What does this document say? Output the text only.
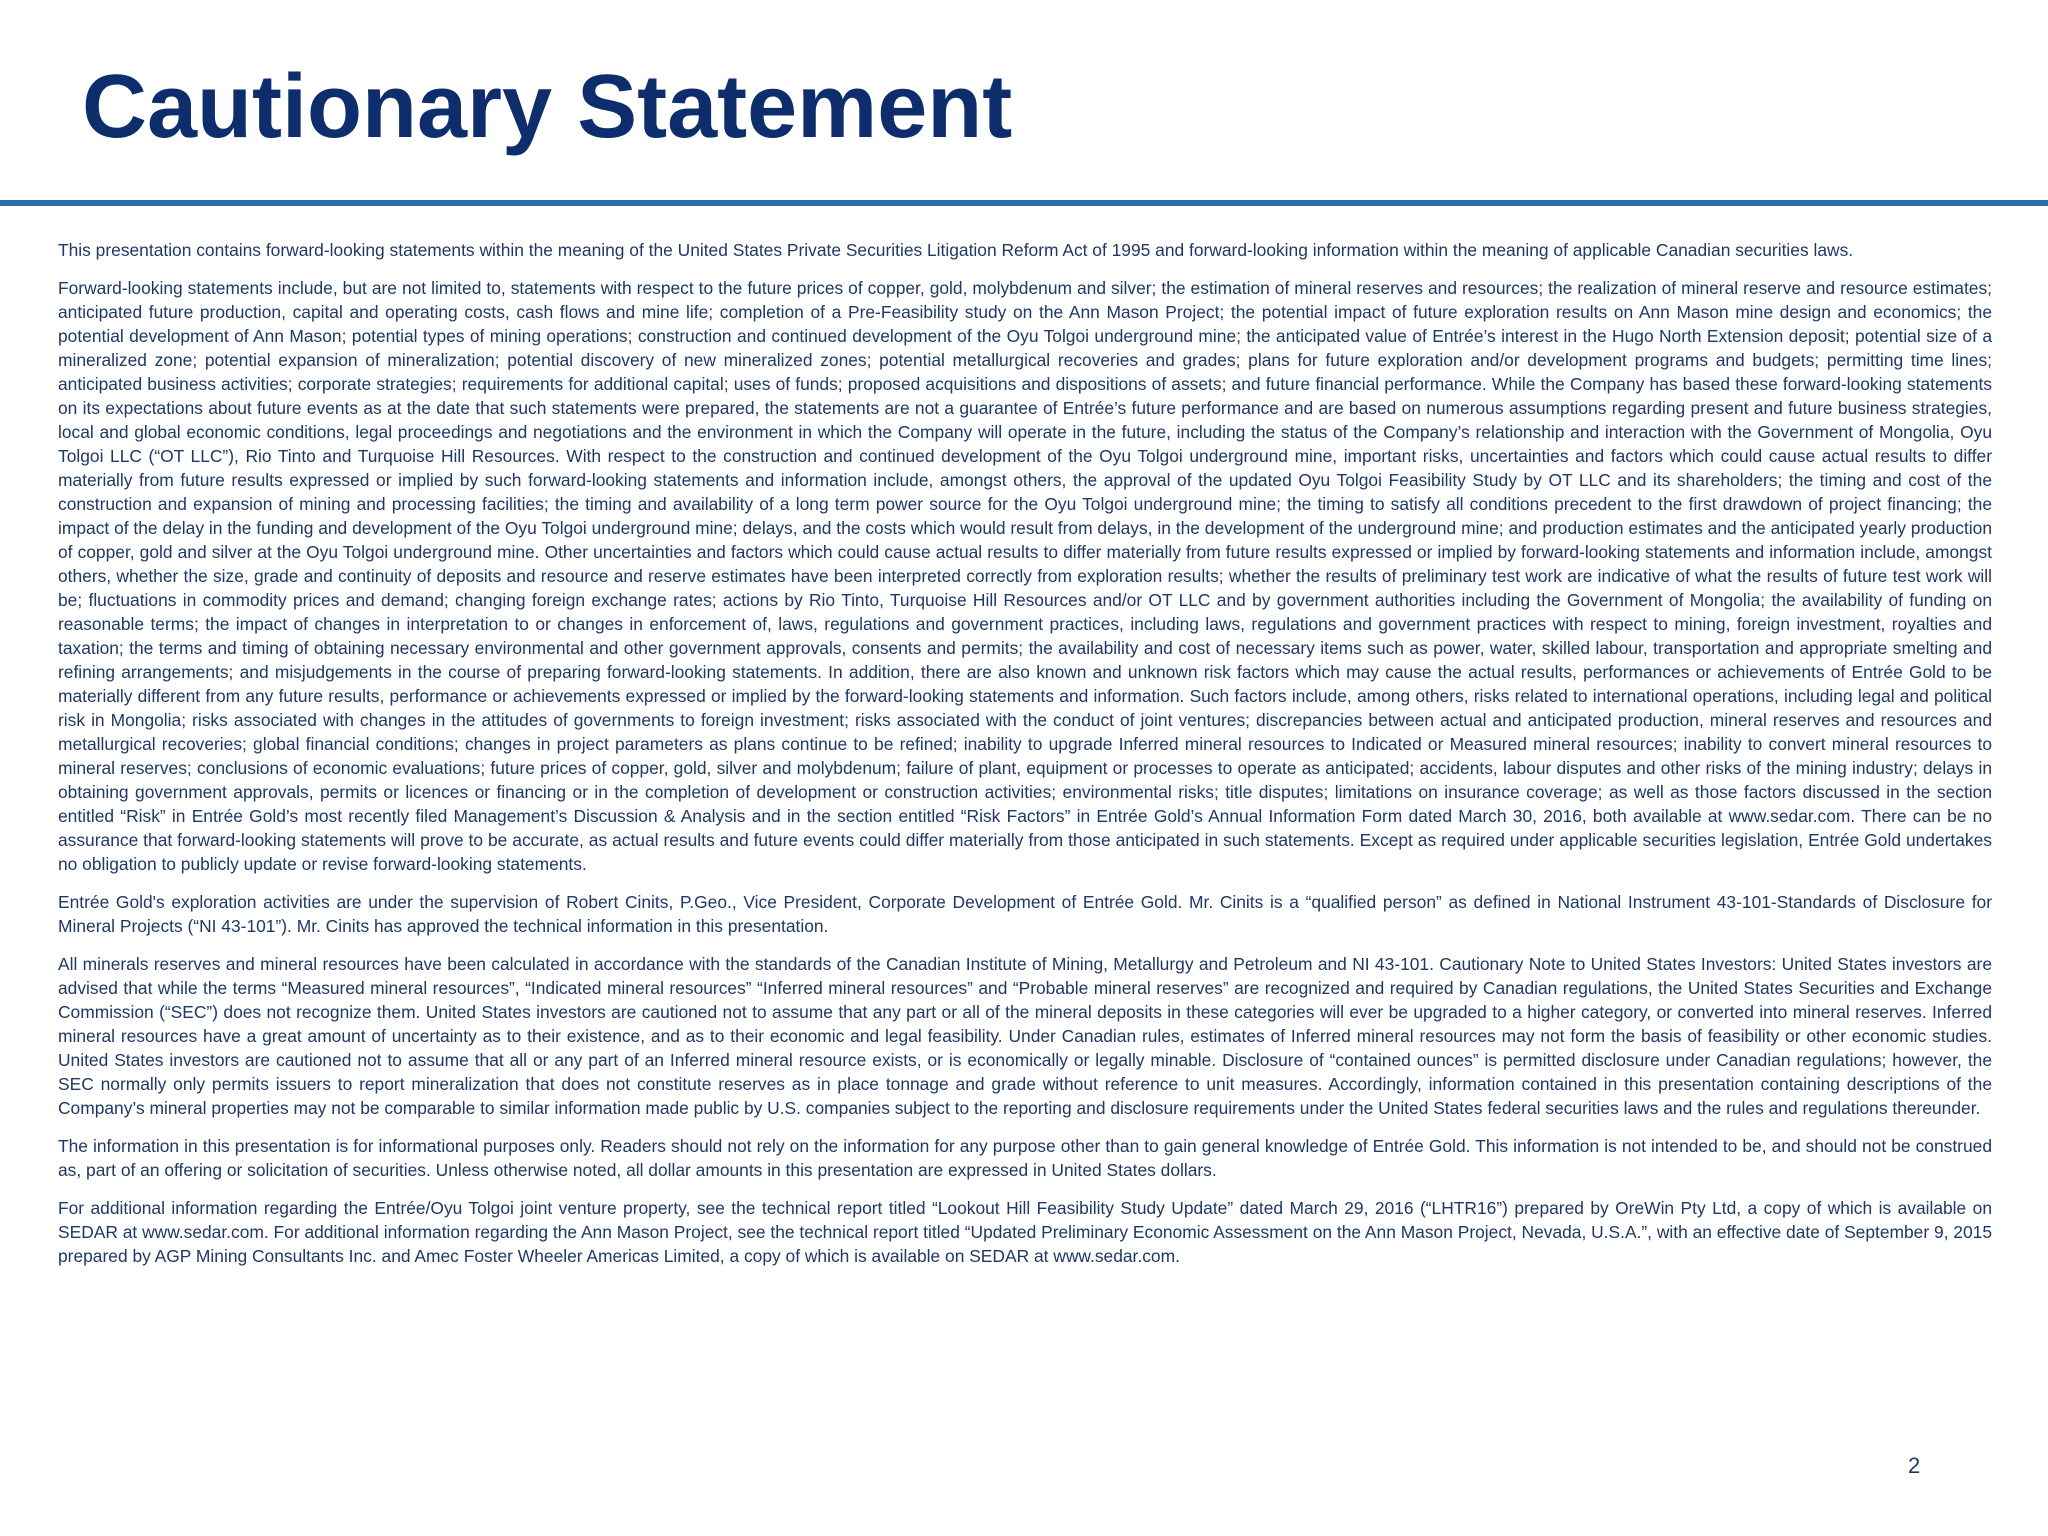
Cautionary Statement

This presentation contains forward-looking statements within the meaning of the United States Private Securities Litigation Reform Act of 1995 and forward-looking information within the meaning of applicable Canadian securities laws.

Forward-looking statements include, but are not limited to, statements with respect to the future prices of copper, gold, molybdenum and silver; the estimation of mineral reserves and resources; the realization of mineral reserve and resource estimates; anticipated future production, capital and operating costs, cash flows and mine life; completion of a Pre-Feasibility study on the Ann Mason Project; the potential impact of future exploration results on Ann Mason mine design and economics; the potential development of Ann Mason; potential types of mining operations; construction and continued development of the Oyu Tolgoi underground mine; the anticipated value of Entrée’s interest in the Hugo North Extension deposit; potential size of a mineralized zone; potential expansion of mineralization; potential discovery of new mineralized zones; potential metallurgical recoveries and grades; plans for future exploration and/or development programs and budgets; permitting time lines; anticipated business activities; corporate strategies; requirements for additional capital; uses of funds; proposed acquisitions and dispositions of assets; and future financial performance. While the Company has based these forward-looking statements on its expectations about future events as at the date that such statements were prepared, the statements are not a guarantee of Entrée’s future performance and are based on numerous assumptions regarding present and future business strategies, local and global economic conditions, legal proceedings and negotiations and the environment in which the Company will operate in the future, including the status of the Company’s relationship and interaction with the Government of Mongolia, Oyu Tolgoi LLC (“OT LLC”), Rio Tinto and Turquoise Hill Resources. With respect to the construction and continued development of the Oyu Tolgoi underground mine, important risks, uncertainties and factors which could cause actual results to differ materially from future results expressed or implied by such forward-looking statements and information include, amongst others, the approval of the updated Oyu Tolgoi Feasibility Study by OT LLC and its shareholders; the timing and cost of the construction and expansion of mining and processing facilities; the timing and availability of a long term power source for the Oyu Tolgoi underground mine; the timing to satisfy all conditions precedent to the first drawdown of project financing; the impact of the delay in the funding and development of the Oyu Tolgoi underground mine; delays, and the costs which would result from delays, in the development of the underground mine; and production estimates and the anticipated yearly production of copper, gold and silver at the Oyu Tolgoi underground mine. Other uncertainties and factors which could cause actual results to differ materially from future results expressed or implied by forward-looking statements and information include, amongst others, whether the size, grade and continuity of deposits and resource and reserve estimates have been interpreted correctly from exploration results; whether the results of preliminary test work are indicative of what the results of future test work will be; fluctuations in commodity prices and demand; changing foreign exchange rates; actions by Rio Tinto, Turquoise Hill Resources and/or OT LLC and by government authorities including the Government of Mongolia; the availability of funding on reasonable terms; the impact of changes in interpretation to or changes in enforcement of, laws, regulations and government practices, including laws, regulations and government practices with respect to mining, foreign investment, royalties and taxation; the terms and timing of obtaining necessary environmental and other government approvals, consents and permits; the availability and cost of necessary items such as power, water, skilled labour, transportation and appropriate smelting and refining arrangements; and misjudgements in the course of preparing forward-looking statements. In addition, there are also known and unknown risk factors which may cause the actual results, performances or achievements of Entrée Gold to be materially different from any future results, performance or achievements expressed or implied by the forward-looking statements and information. Such factors include, among others, risks related to international operations, including legal and political risk in Mongolia; risks associated with changes in the attitudes of governments to foreign investment; risks associated with the conduct of joint ventures; discrepancies between actual and anticipated production, mineral reserves and resources and metallurgical recoveries; global financial conditions; changes in project parameters as plans continue to be refined; inability to upgrade Inferred mineral resources to Indicated or Measured mineral resources; inability to convert mineral resources to mineral reserves; conclusions of economic evaluations; future prices of copper, gold, silver and molybdenum; failure of plant, equipment or processes to operate as anticipated; accidents, labour disputes and other risks of the mining industry; delays in obtaining government approvals, permits or licences or financing or in the completion of development or construction activities; environmental risks; title disputes; limitations on insurance coverage; as well as those factors discussed in the section entitled “Risk” in Entrée Gold’s most recently filed Management’s Discussion & Analysis and in the section entitled “Risk Factors” in Entrée Gold’s Annual Information Form dated March 30, 2016, both available at www.sedar.com. There can be no assurance that forward-looking statements will prove to be accurate, as actual results and future events could differ materially from those anticipated in such statements. Except as required under applicable securities legislation, Entrée Gold undertakes no obligation to publicly update or revise forward-looking statements.

Entrée Gold's exploration activities are under the supervision of Robert Cinits, P.Geo., Vice President, Corporate Development of Entrée Gold. Mr. Cinits is a “qualified person” as defined in National Instrument 43-101-Standards of Disclosure for Mineral Projects (“NI 43-101”). Mr. Cinits has approved the technical information in this presentation.

All minerals reserves and mineral resources have been calculated in accordance with the standards of the Canadian Institute of Mining, Metallurgy and Petroleum and NI 43-101. Cautionary Note to United States Investors: United States investors are advised that while the terms “Measured mineral resources”, “Indicated mineral resources” “Inferred mineral resources” and “Probable mineral reserves” are recognized and required by Canadian regulations, the United States Securities and Exchange Commission (“SEC”) does not recognize them. United States investors are cautioned not to assume that any part or all of the mineral deposits in these categories will ever be upgraded to a higher category, or converted into mineral reserves. Inferred mineral resources have a great amount of uncertainty as to their existence, and as to their economic and legal feasibility. Under Canadian rules, estimates of Inferred mineral resources may not form the basis of feasibility or other economic studies. United States investors are cautioned not to assume that all or any part of an Inferred mineral resource exists, or is economically or legally minable. Disclosure of “contained ounces” is permitted disclosure under Canadian regulations; however, the SEC normally only permits issuers to report mineralization that does not constitute reserves as in place tonnage and grade without reference to unit measures. Accordingly, information contained in this presentation containing descriptions of the Company’s mineral properties may not be comparable to similar information made public by U.S. companies subject to the reporting and disclosure requirements under the United States federal securities laws and the rules and regulations thereunder.

The information in this presentation is for informational purposes only. Readers should not rely on the information for any purpose other than to gain general knowledge of Entrée Gold. This information is not intended to be, and should not be construed as, part of an offering or solicitation of securities. Unless otherwise noted, all dollar amounts in this presentation are expressed in United States dollars.

For additional information regarding the Entrée/Oyu Tolgoi joint venture property, see the technical report titled “Lookout Hill Feasibility Study Update” dated March 29, 2016 (“LHTR16”) prepared by OreWin Pty Ltd, a copy of which is available on SEDAR at www.sedar.com. For additional information regarding the Ann Mason Project, see the technical report titled “Updated Preliminary Economic Assessment on the Ann Mason Project, Nevada, U.S.A.”, with an effective date of September 9, 2015 prepared by AGP Mining Consultants Inc. and Amec Foster Wheeler Americas Limited, a copy of which is available on SEDAR at www.sedar.com.

2
